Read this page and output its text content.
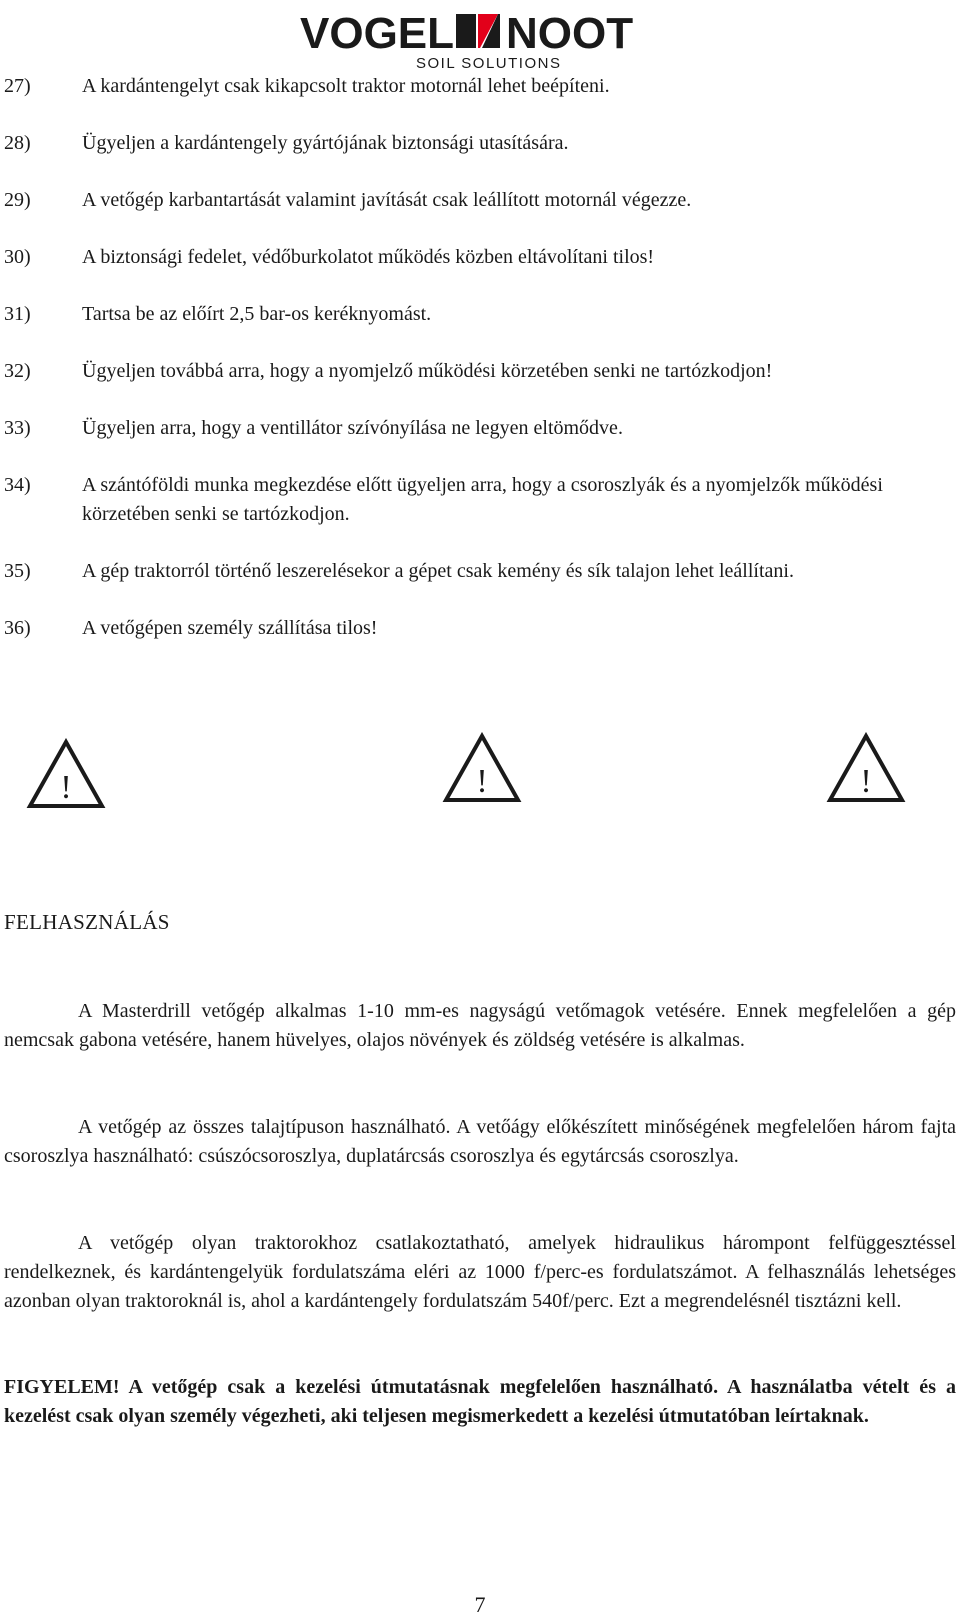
VOGEL NOOT
SOIL SOLUTIONS
27)	A kardántengelyt csak kikapcsolt traktor motornál lehet beépíteni.
28)	Ügyeljen a kardántengely gyártójának biztonsági utasítására.
29)	A vetőgép karbantartását valamint javítását csak leállított motornál végezze.
30)	A biztonsági fedelet, védőburkolatot működés közben eltávolítani tilos!
31)	Tartsa be az előírt 2,5 bar-os keréknyomást.
32)	Ügyeljen továbbá arra, hogy a nyomjelző működési körzetében senki ne tartózkodjon!
33)	Ügyeljen arra, hogy a ventillátor szívónyílása ne legyen eltömődve.
34)	A szántóföldi munka megkezdése előtt ügyeljen arra, hogy a csoroszlyák és a nyomjelzők működési körzetében senki se tartózkodjon.
35)	A gép traktorról történő leszerelésekor a gépet csak kemény és sík talajon lehet leállítani.
36)	A vetőgépen személy szállítása tilos!
!	!	!
FELHASZNÁLÁS

A Masterdrill vetőgép alkalmas 1-10 mm-es nagyságú vetőmagok vetésére. Ennek megfelelően a gép nemcsak gabona vetésére, hanem hüvelyes, olajos növények és zöldség vetésére is alkalmas.

A vetőgép az összes talajtípuson használható. A vetőágy előkészített minőségének megfelelően három fajta csoroszlya használható: csúszócsoroszlya, duplatárcsás csoroszlya és egytárcsás csoroszlya.

A vetőgép olyan traktorokhoz csatlakoztatható, amelyek hidraulikus hárompont felfüggesztéssel rendelkeznek, és kardántengelyük fordulatszáma eléri az 1000 f/perc-es fordulatszámot. A felhasználás lehetséges azonban olyan traktoroknál is, ahol a kardántengely fordulatszám 540f/perc. Ezt a megrendelésnél tisztázni kell.

FIGYELEM! A vetőgép csak a kezelési útmutatásnak megfelelően használható. A használatba vételt és a kezelést csak olyan személy végezheti, aki teljesen megismerkedett a kezelési útmutatóban leírtaknak.

7
